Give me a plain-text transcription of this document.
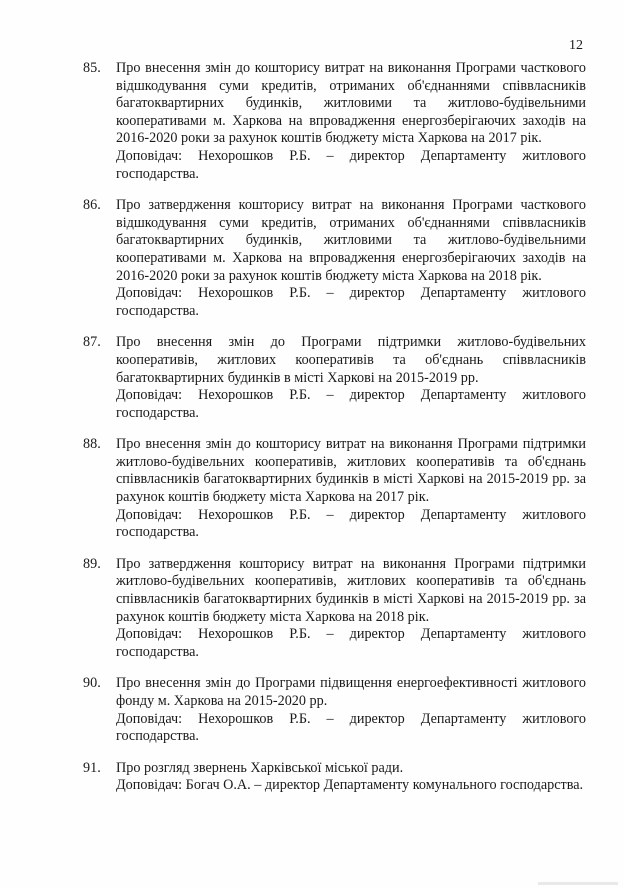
12
85. Про внесення змін до кошторису витрат на виконання Програми часткового відшкодування суми кредитів, отриманих об'єднаннями співвласників багатоквартирних будинків, житловими та житлово-будівельними кооперативами м. Харкова на впровадження енергозберігаючих заходів на 2016-2020 роки за рахунок коштів бюджету міста Харкова на 2017 рік.
Доповідач: Нехорошков Р.Б. – директор Департаменту житлового господарства.
86. Про затвердження кошторису витрат на виконання Програми часткового відшкодування суми кредитів, отриманих об'єднаннями співвласників багатоквартирних будинків, житловими та житлово-будівельними кооперативами м. Харкова на впровадження енергозберігаючих заходів на 2016-2020 роки за рахунок коштів бюджету міста Харкова на 2018 рік.
Доповідач: Нехорошков Р.Б. – директор Департаменту житлового господарства.
87. Про внесення змін до Програми підтримки житлово-будівельних кооперативів, житлових кооперативів та об'єднань співвласників багатоквартирних будинків в місті Харкові на 2015-2019 рр.
Доповідач: Нехорошков Р.Б. – директор Департаменту житлового господарства.
88. Про внесення змін до кошторису витрат на виконання Програми підтримки житлово-будівельних кооперативів, житлових кооперативів та об'єднань співвласників багатоквартирних будинків в місті Харкові на 2015-2019 рр. за рахунок коштів бюджету міста Харкова на 2017 рік.
Доповідач: Нехорошков Р.Б. – директор Департаменту житлового господарства.
89. Про затвердження кошторису витрат на виконання Програми підтримки житлово-будівельних кооперативів, житлових кооперативів та об'єднань співвласників багатоквартирних будинків в місті Харкові на 2015-2019 рр. за рахунок коштів бюджету міста Харкова на 2018 рік.
Доповідач: Нехорошков Р.Б. – директор Департаменту житлового господарства.
90. Про внесення змін до Програми підвищення енергоефективності житлового фонду м. Харкова на 2015-2020 рр.
Доповідач: Нехорошков Р.Б. – директор Департаменту житлового господарства.
91. Про розгляд звернень Харківської міської ради.
Доповідач: Богач О.А. – директор Департаменту комунального господарства.
